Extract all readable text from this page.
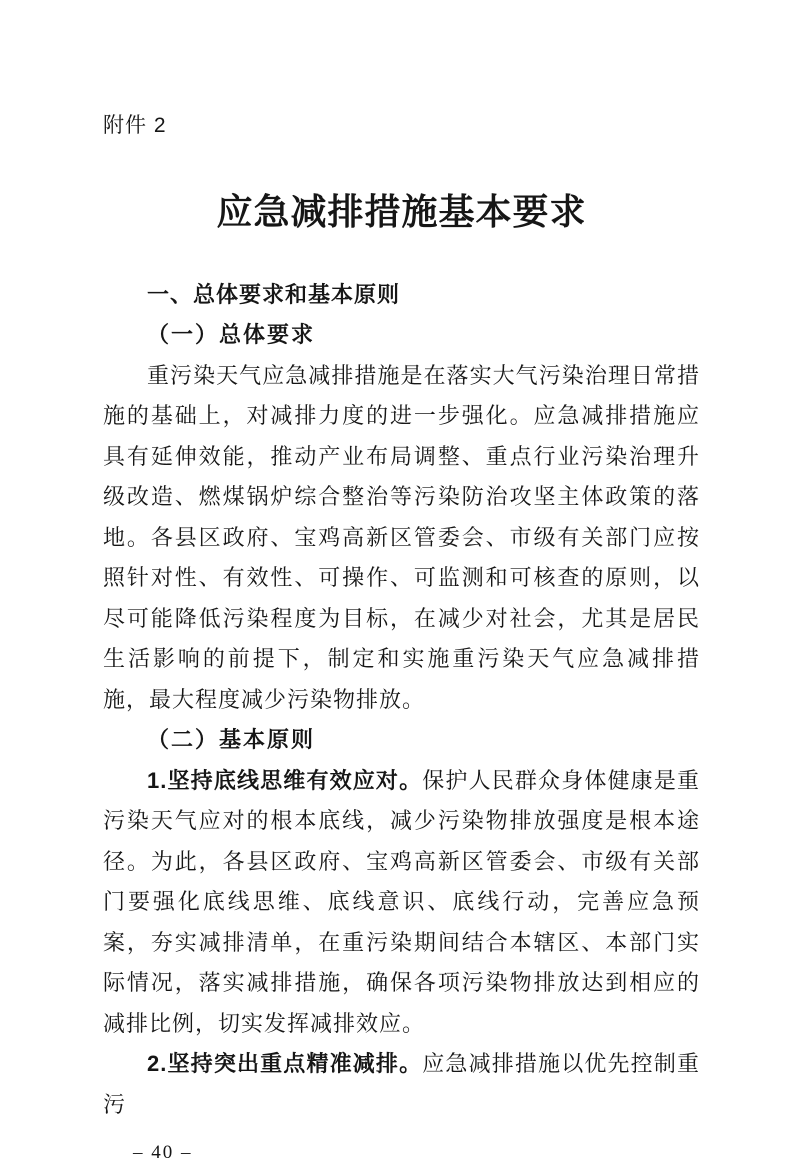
附件 2
应急减排措施基本要求
一、总体要求和基本原则
（一）总体要求

重污染天气应急减排措施是在落实大气污染治理日常措施的基础上，对减排力度的进一步强化。应急减排措施应具有延伸效能，推动产业布局调整、重点行业污染治理升级改造、燃煤锅炉综合整治等污染防治攻坚主体政策的落地。各县区政府、宝鸡高新区管委会、市级有关部门应按照针对性、有效性、可操作、可监测和可核查的原则，以尽可能降低污染程度为目标，在减少对社会，尤其是居民生活影响的前提下，制定和实施重污染天气应急减排措施，最大程度减少污染物排放。

（二）基本原则

1.坚持底线思维有效应对。保护人民群众身体健康是重污染天气应对的根本底线，减少污染物排放强度是根本途径。为此，各县区政府、宝鸡高新区管委会、市级有关部门要强化底线思维、底线意识、底线行动，完善应急预案，夯实减排清单，在重污染期间结合本辖区、本部门实际情况，落实减排措施，确保各项污染物排放达到相应的减排比例，切实发挥减排效应。

2.坚持突出重点精准减排。应急减排措施以优先控制重污

– 40 –
